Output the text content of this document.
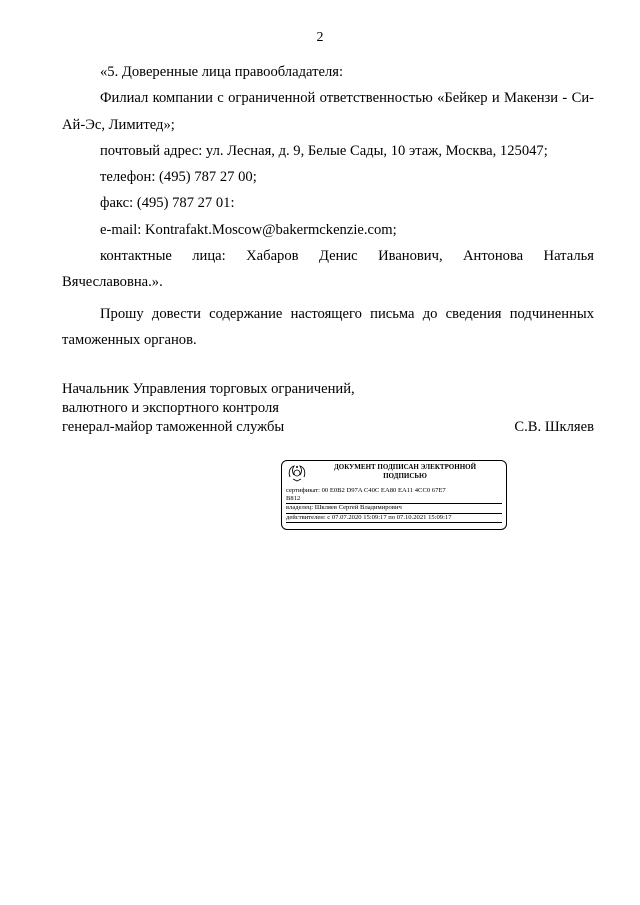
2

«5. Доверенные лица правообладателя:

Филиал компании с ограниченной ответственностью «Бейкер и Макензи - Си-Ай-Эс, Лимитед»;

почтовый адрес: ул. Лесная, д. 9, Белые Сады, 10 этаж, Москва, 125047;

телефон: (495) 787 27 00;

факс: (495) 787 27 01:

e-mail: Kontrafakt.Moscow@bakermckenzie.com;

контактные лица: Хабаров Денис Иванович, Антонова Наталья

Вячеславовна.».

Прошу довести содержание настоящего письма до сведения подчиненных таможенных органов.

Начальник Управления торговых ограничений,
валютного и экспортного контроля
генерал-майор таможенной службы	С.В. Шкляев
ДОКУМЕНТ ПОДПИСАН ЭЛЕКТРОННОЙ
ПОДПИСЬЮ
сертификат: 00 E0B2 D97A C40C EA80 EA11 4CC0 67E7
B812
владелец: Шкляев Сергей Владимирович
действителен: с 07.07.2020 15:09:17 по 07.10.2021 15:09:17
